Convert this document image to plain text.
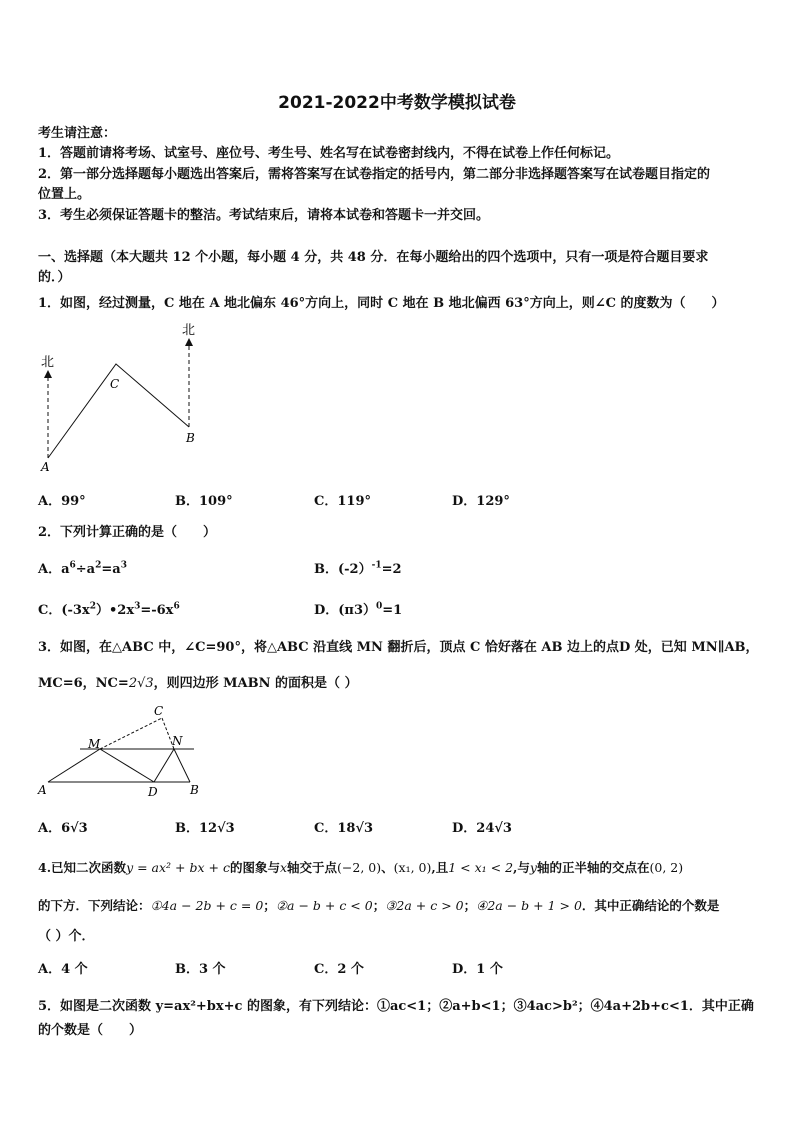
2021-2022中考数学模拟试卷
考生请注意：
1．答题前请将考场、试室号、座位号、考生号、姓名写在试卷密封线内，不得在试卷上作任何标记。
2．第一部分选择题每小题选出答案后，需将答案写在试卷指定的括号内，第二部分非选择题答案写在试卷题目指定的
位置上。
3．考生必须保证答题卡的整洁。考试结束后，请将本试卷和答题卡一并交回。
一、选择题（本大题共 12 个小题，每小题 4 分，共 48 分．在每小题给出的四个选项中，只有一项是符合题目要求
的．）
1．如图，经过测量，C 地在 A 地北偏东 46°方向上，同时 C 地在 B 地北偏西 63°方向上，则∠C 的度数为（　　）
北
北
C
B
A
A．99°	B．109°	C．119°	D．129°
2．下列计算正确的是（　　）
A．$a^6\div a^2=a^3$	B．(-2）$^{-1}$=2
C．$(-3x^2)•2x^3=-6x^6$	D．(π3）$^0$=1
3．如图，在△ABC 中，∠C=90°，将△ABC 沿直线 MN 翻折后，顶点 C 恰好落在 AB 边上的点D 处，已知 MN∥AB，
MC=6，NC=2√3，则四边形 MABN 的面积是（ ）
C
M	N
A	D	B
A．6√3	B．12√3	C．18√3	D．24√3
4.已知二次函数y = ax² + bx + c的图象与x轴交于点(−2, 0)、(x₁, 0),且1 < x₁ < 2,与y轴的正半轴的交点在(0, 2)
的下方．下列结论：①4a − 2b + c = 0；②a − b + c < 0；③2a + c > 0；④2a − b + 1 > 0．其中正确结论的个数是
（ ）个．
A．4 个	B．3 个	C．2 个	D．1 个
5．如图是二次函数 y=ax²+bx+c 的图象，有下列结论：①ac<1；②a+b<1；③4ac>b²；④4a+2b+c<1．其中正确
的个数是（　　）
